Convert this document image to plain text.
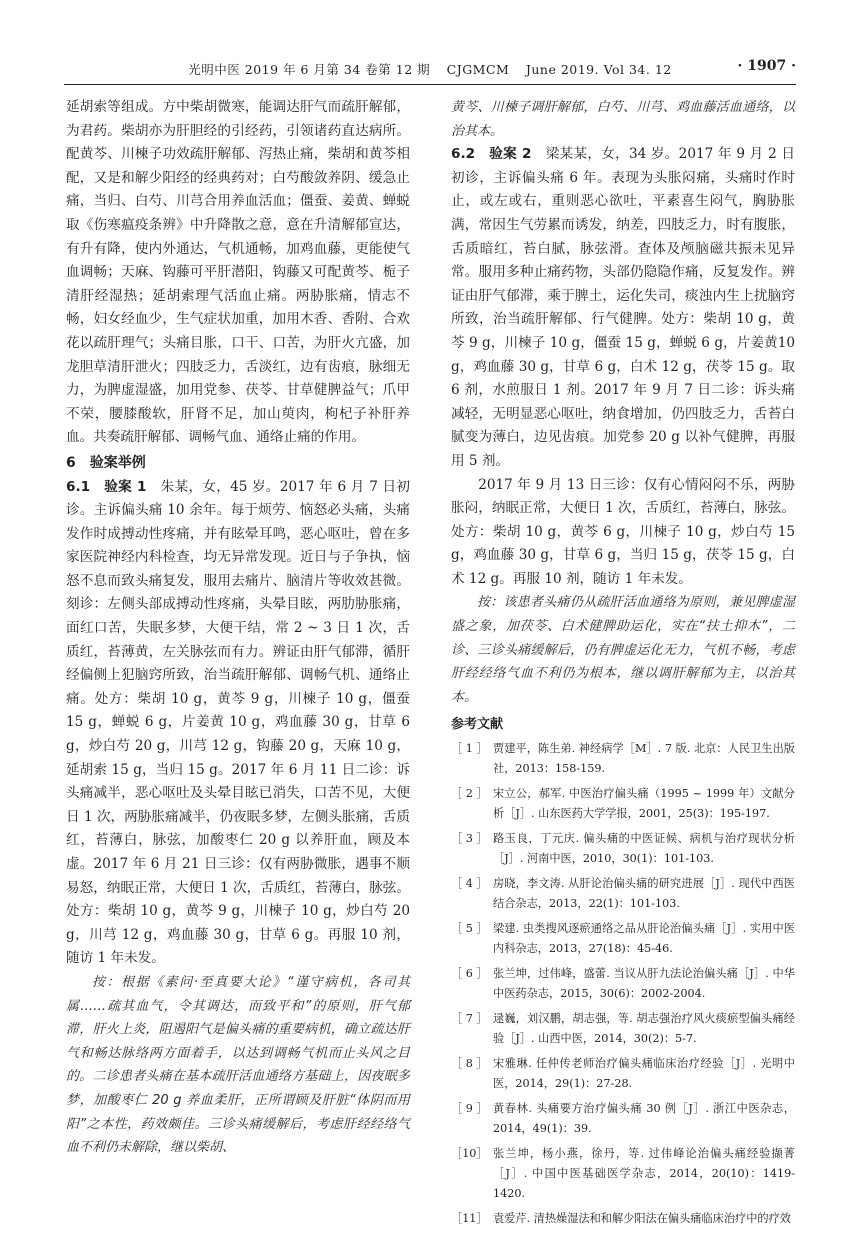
光明中医 2019 年 6 月第 34 卷第 12 期 CJGMCM June 2019. Vol 34. 12	· 1907 ·

延胡索等组成。方中柴胡微寒，能调达肝气而疏肝解郁，为君药。柴胡亦为肝胆经的引经药，引领诸药直达病所。配黄芩、川楝子功效疏肝解郁、泻热止痛，柴胡和黄芩相配，又是和解少阳经的经典药对；白芍酸敛养阴、缓急止痛，当归、白芍、川芎合用养血活血；僵蚕、姜黄、蝉蜕取《伤寒瘟疫条辨》中升降散之意，意在升清解郁宣达，有升有降，使内外通达，气机通畅，加鸡血藤，更能使气血调畅；天麻、钩藤可平肝潜阳，钩藤又可配黄芩、栀子清肝经湿热；延胡索理气活血止痛。两胁胀痛，情志不畅，妇女经血少，生气症状加重，加用木香、香附、合欢花以疏肝理气；头痛目胀，口干、口苦，为肝火亢盛，加龙胆草清肝泄火；四肢乏力，舌淡红，边有齿痕，脉细无力，为脾虚湿盛，加用党参、茯苓、甘草健脾益气；爪甲不荣，腰膝酸软，肝肾不足，加山萸肉，枸杞子补肝养血。共奏疏肝解郁、调畅气血、通络止痛的作用。

6　验案举例

6.1　验案 1　朱某，女，45 岁。2017 年 6 月 7 日初诊。主诉偏头痛 10 余年。每于烦劳、恼怒必头痛，头痛发作时成搏动性疼痛，并有眩晕耳鸣，恶心呕吐，曾在多家医院神经内科检查，均无异常发现。近日与子争执，恼怒不息而致头痛复发，服用去痛片、脑清片等收效甚微。刻诊：左侧头部成搏动性疼痛，头晕目眩，两肋胁胀痛，面红口苦，失眠多梦，大便干结，常 2 ~ 3 日 1 次，舌质红，苔薄黄，左关脉弦而有力。辨证由肝气郁滞，循肝经偏侧上犯脑窍所致，治当疏肝解郁、调畅气机、通络止痛。处方：柴胡 10 g，黄芩 9 g，川楝子 10 g，僵蚕 15 g，蝉蜕 6 g，片姜黄 10 g，鸡血藤 30 g，甘草 6 g，炒白芍 20 g，川芎 12 g，钩藤 20 g，天麻 10 g，延胡索 15 g，当归 15 g。2017 年 6 月 11 日二诊：诉头痛减半，恶心呕吐及头晕目眩已消失，口苦不见，大便日 1 次，两胁胀痛减半，仍夜眠多梦，左侧头胀痛，舌质红，苔薄白，脉弦，加酸枣仁 20 g 以养肝血，顾及本虚。2017 年 6 月 21 日三诊：仅有两胁微胀，遇事不顺易怒，纳眠正常，大便日 1 次，舌质红，苔薄白，脉弦。处方：柴胡 10 g，黄芩 9 g，川楝子 10 g，炒白芍 20 g，川芎 12 g，鸡血藤 30 g，甘草 6 g。再服 10 剂，随访 1 年未发。

按：根据《素问·至真要大论》“谨守病机，各司其属……疏其血气，令其调达，而致平和”的原则，肝气郁滞，肝火上炎，阻遏阳气是偏头痛的重要病机，确立疏达肝气和畅达脉络两方面着手，以达到调畅气机而止头风之目的。二诊患者头痛在基本疏肝活血通络方基础上，因夜眠多梦，加酸枣仁 20 g 养血柔肝，正所谓顾及肝脏“体阴而用阳”之本性，药效颇佳。三诊头痛缓解后，考虑肝经经络气血不利仍未解除，继以柴胡、

黄芩、川楝子调肝解郁，白芍、川芎、鸡血藤活血通络，以治其本。

6.2　验案 2　梁某某，女，34 岁。2017 年 9 月 2 日初诊，主诉偏头痛 6 年。表现为头胀闷痛，头痛时作时止，或左或右，重则恶心欲吐，平素喜生闷气，胸胁胀满，常因生气劳累而诱发，纳差，四肢乏力，时有腹胀，舌质暗红，苔白腻，脉弦滑。查体及颅脑磁共振未见异常。服用多种止痛药物，头部仍隐隐作痛，反复发作。辨证由肝气郁滞，乘于脾土，运化失司，痰浊内生上扰脑窍所致，治当疏肝解郁、行气健脾。处方：柴胡 10 g，黄芩 9 g，川楝子 10 g，僵蚕 15 g，蝉蜕 6 g，片姜黄10 g，鸡血藤 30 g，甘草 6 g，白术 12 g，茯苓 15 g。取 6 剂，水煎服日 1 剂。2017 年 9 月 7 日二诊：诉头痛减轻，无明显恶心呕吐，纳食增加，仍四肢乏力，舌苔白腻变为薄白，边见齿痕。加党参 20 g 以补气健脾，再服用 5 剂。

2017 年 9 月 13 日三诊：仅有心情闷闷不乐，两胁胀闷，纳眠正常，大便日 1 次，舌质红，苔薄白，脉弦。处方：柴胡 10 g，黄芩 6 g，川楝子 10 g，炒白芍 15 g，鸡血藤 30 g，甘草 6 g，当归 15 g，茯苓 15 g，白术 12 g。再服 10 剂，随访 1 年未发。

按：该患者头痛仍从疏肝活血通络为原则，兼见脾虚湿盛之象，加茯苓、白术健脾助运化，实在“扶土抑木”，二诊、三诊头痛缓解后，仍有脾虚运化无力，气机不畅，考虑肝经经络气血不利仍为根本，继以调肝解郁为主，以治其本。

参考文献
［ 1 ］ 贾建平，陈生弟. 神经病学［M］. 7 版. 北京：人民卫生出版社，2013：158-159.
［ 2 ］ 宋立公，郝军. 中医治疗偏头痛（1995 ~ 1999 年）文献分析［J］. 山东医药大学学报，2001，25(3)：195-197.
［ 3 ］ 路玉良，丁元庆. 偏头痛的中医证候、病机与治疗现状分析［J］. 河南中医，2010，30(1)：101-103.
［ 4 ］ 房晓，李文涛. 从肝论治偏头痛的研究进展［J］. 现代中西医结合杂志，2013，22(1)：101-103.
［ 5 ］ 梁建. 虫类搜风逐瘀通络之品从肝论治偏头痛［J］. 实用中医内科杂志，2013，27(18)：45-46.
［ 6 ］ 张兰坤，过伟峰，盛蕾. 当议从肝九法论治偏头痛［J］. 中华中医药杂志，2015，30(6)：2002-2004.
［ 7 ］ 逯巍，刘汉鹏，胡志强，等. 胡志强治疗风火痰瘀型偏头痛经验［J］. 山西中医，2014，30(2)：5-7.
［ 8 ］ 宋雅琳. 任仲传老师治疗偏头痛临床治疗经验［J］. 光明中医，2014，29(1)：27-28.
［ 9 ］ 黄春林. 头痛要方治疗偏头痛 30 例［J］. 浙江中医杂志，2014，49(1)：39.
［10］ 张兰坤，杨小燕，徐丹，等. 过伟峰论治偏头痛经验撷菁［J］. 中国中医基础医学杂志，2014，20(10)：1419-1420.
［11］ 袁爱芹. 清热燥湿法和和解少阳法在偏头痛临床治疗中的疗效
